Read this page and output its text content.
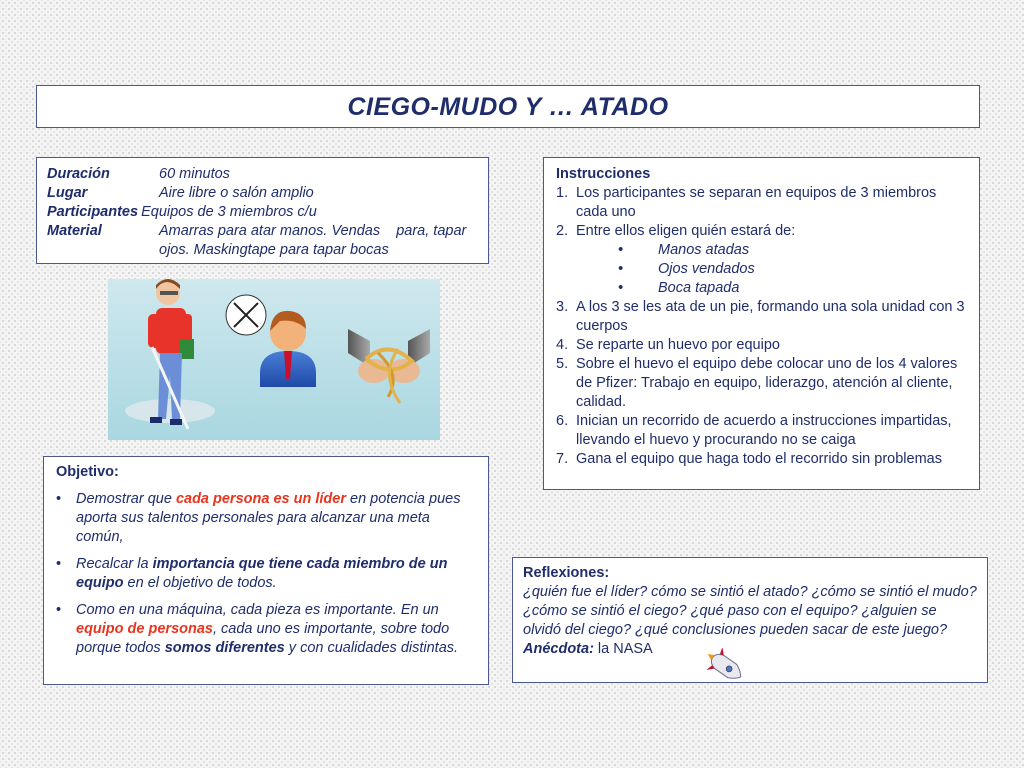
CIEGO-MUDO Y … ATADO
Duración	60 minutos
Lugar	Aire libre o salón amplio
Participantes Equipos de 3 miembros c/u
Material	Amarras para atar manos. Vendas    para, tapar ojos. Maskingtape para tapar bocas
Instrucciones
1. Los participantes se separan en equipos de 3 miembros cada uno
2. Entre ellos eligen quién estará de:
•	Manos atadas
•	Ojos vendados
•	Boca tapada
3. A los 3 se les ata de un pie, formando una sola unidad con 3 cuerpos
4. Se reparte un huevo por equipo
5. Sobre el huevo el equipo debe colocar uno de los 4 valores de Pfizer: Trabajo en equipo, liderazgo, atención al cliente, calidad.
6. Inician un recorrido de acuerdo a instrucciones impartidas, llevando el huevo y procurando no se caiga
7. Gana el equipo que haga todo el recorrido sin problemas
Objetivo:
•	Demostrar que cada persona es un líder en potencia pues aporta sus talentos personales para alcanzar una meta común,
•	Recalcar la importancia que tiene cada miembro de un equipo en el objetivo de todos.
•	Como en una máquina, cada pieza es importante. En un equipo de personas, cada uno es importante, sobre todo porque todos somos diferentes y con cualidades distintas.
Reflexiones:
¿quién fue el líder? cómo se sintió el atado? ¿cómo se sintió el mudo? ¿cómo se sintió el ciego? ¿qué paso con el equipo? ¿alguien se olvidó del ciego? ¿qué conclusiones pueden sacar de este juego?
Anécdota: la NASA
